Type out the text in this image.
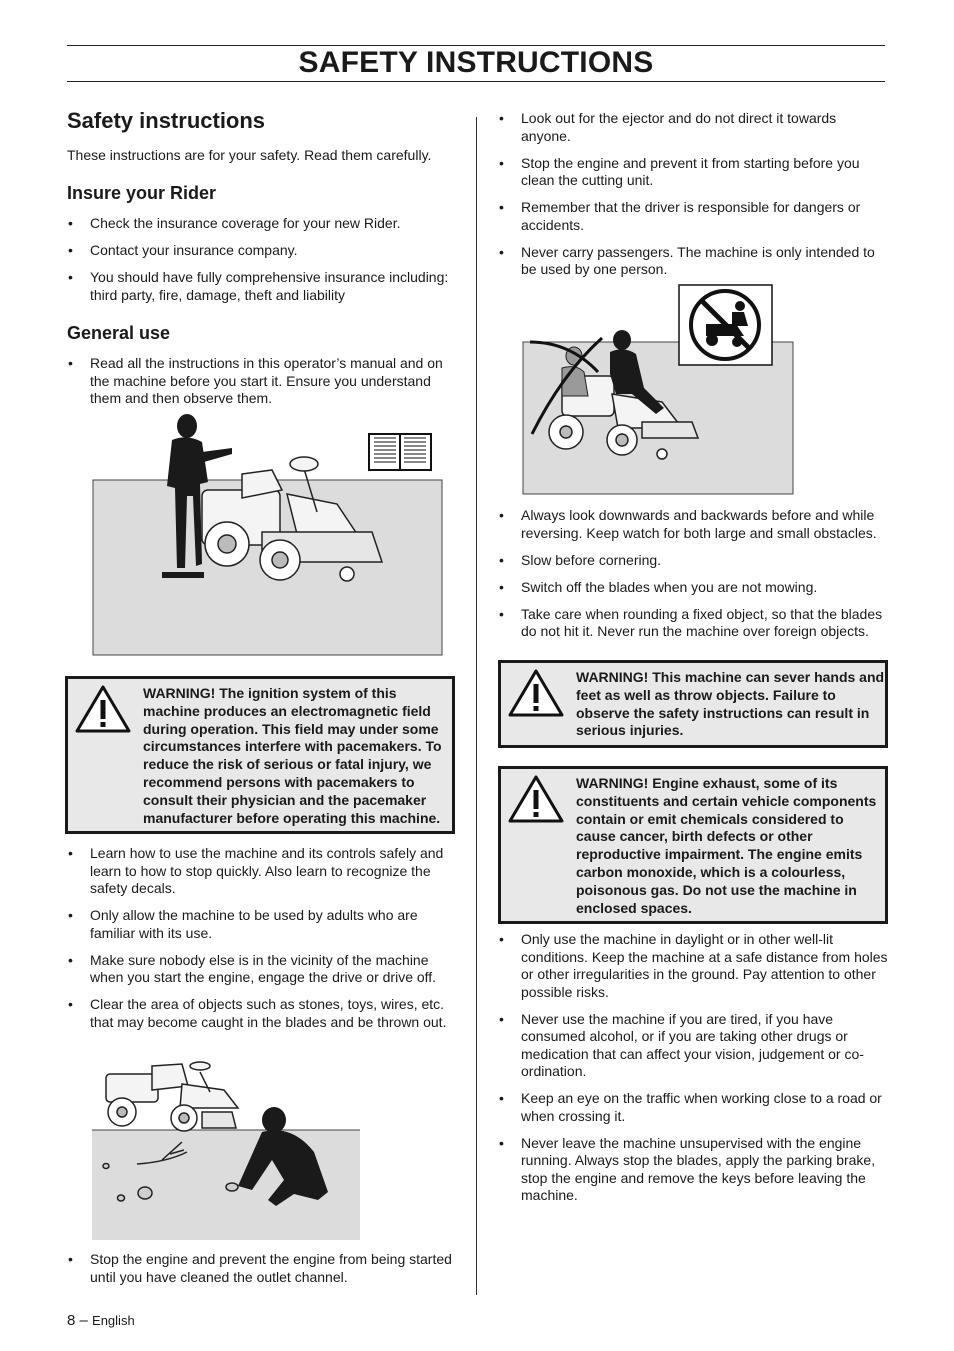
SAFETY INSTRUCTIONS
Safety instructions

These instructions are for your safety. Read them carefully.

Insure your Rider
• Check the insurance coverage for your new Rider.
• Contact your insurance company.
• You should have fully comprehensive insurance including: third party, fire, damage, theft and liability
General use
• Read all the instructions in this operator’s manual and on the machine before you start it. Ensure you understand them and then observe them.
WARNING! The ignition system of this machine produces an electromagnetic field during operation. This field may under some circumstances interfere with pacemakers. To reduce the risk of serious or fatal injury, we recommend persons with pacemakers to consult their physician and the pacemaker manufacturer before operating this machine.
• Learn how to use the machine and its controls safely and learn to how to stop quickly. Also learn to recognize the safety decals.
• Only allow the machine to be used by adults who are familiar with its use.
• Make sure nobody else is in the vicinity of the machine when you start the engine, engage the drive or drive off.
• Clear the area of objects such as stones, toys, wires, etc. that may become caught in the blades and be thrown out.
• Stop the engine and prevent the engine from being started until you have cleaned the outlet channel.
• Look out for the ejector and do not direct it towards anyone.
• Stop the engine and prevent it from starting before you clean the cutting unit.
• Remember that the driver is responsible for dangers or accidents.
• Never carry passengers. The machine is only intended to be used by one person.
• Always look downwards and backwards before and while reversing. Keep watch for both large and small obstacles.
• Slow before cornering.
• Switch off the blades when you are not mowing.
• Take care when rounding a fixed object, so that the blades do not hit it. Never run the machine over foreign objects.
WARNING! This machine can sever hands and feet as well as throw objects. Failure to observe the safety instructions can result in serious injuries.
WARNING! Engine exhaust, some of its constituents and certain vehicle components contain or emit chemicals considered to cause cancer, birth defects or other reproductive impairment. The engine emits carbon monoxide, which is a colourless, poisonous gas. Do not use the machine in enclosed spaces.
• Only use the machine in daylight or in other well-lit conditions. Keep the machine at a safe distance from holes or other irregularities in the ground. Pay attention to other possible risks.
• Never use the machine if you are tired, if you have consumed alcohol, or if you are taking other drugs or medication that can affect your vision, judgement or co-ordination.
• Keep an eye on the traffic when working close to a road or when crossing it.
• Never leave the machine unsupervised with the engine running. Always stop the blades, apply the parking brake, stop the engine and remove the keys before leaving the machine.
8 – English
